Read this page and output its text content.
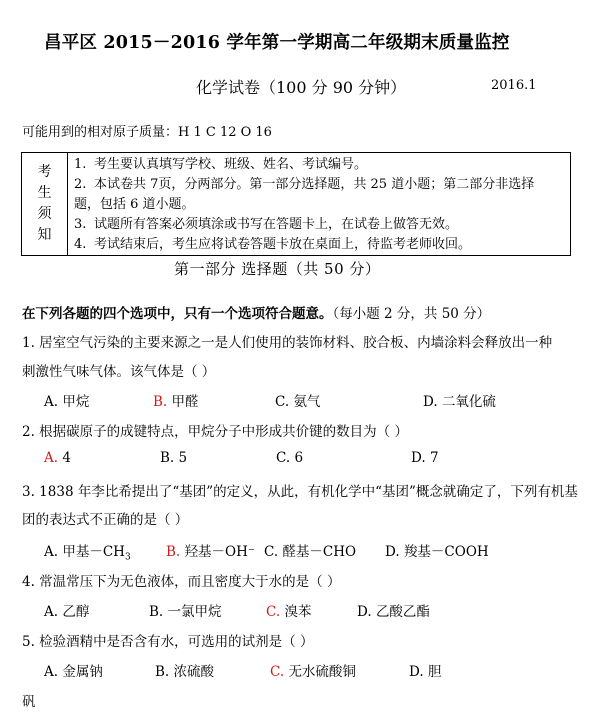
昌平区 2015－2016 学年第一学期高二年级期末质量监控
化学试卷（100 分 90 分钟）	2016.1
可能用到的相对原子质量：H 1 C 12 O 16
考
生
须
知

1. 考生要认真填写学校、班级、姓名、考试编号。
2. 本试卷共 7页，分两部分。第一部分选择题，共 25 道小题；第二部分非选择
题，包括 6 道小题。
3. 试题所有答案必须填涂或书写在答题卡上，在试卷上做答无效。
4. 考试结束后，考生应将试卷答题卡放在桌面上，待监考老师收回。
第一部分 选择题（共 50 分）
在下列各题的四个选项中，只有一个选项符合题意。（每小题 2 分，共 50 分）
1. 居室空气污染的主要来源之一是人们使用的装饰材料、胶合板、内墙涂料会释放出一种
刺激性气味气体。该气体是（ ）
A. 甲烷	B. 甲醛	C. 氨气	D. 二氧化硫
2. 根据碳原子的成键特点，甲烷分子中形成共价键的数目为（ ）
A. 4	B. 5	C. 6	D. 7
3. 1838 年李比希提出了“基团”的定义，从此，有机化学中“基团”概念就确定了，下列有机基
团的表达式不正确的是（ ）
A. 甲基$-CH_3$	B. 羟基－OH⁻ C. 醛基－CHO D. 羧基－COOH
4. 常温常压下为无色液体，而且密度大于水的是（ ）
A. 乙醇	B. 一氯甲烷	C. 溴苯	D. 乙酸乙酯
5. 检验酒精中是否含有水，可选用的试剂是（ ）
A. 金属钠	B. 浓硫酸	C. 无水硫酸铜	D. 胆
矾
